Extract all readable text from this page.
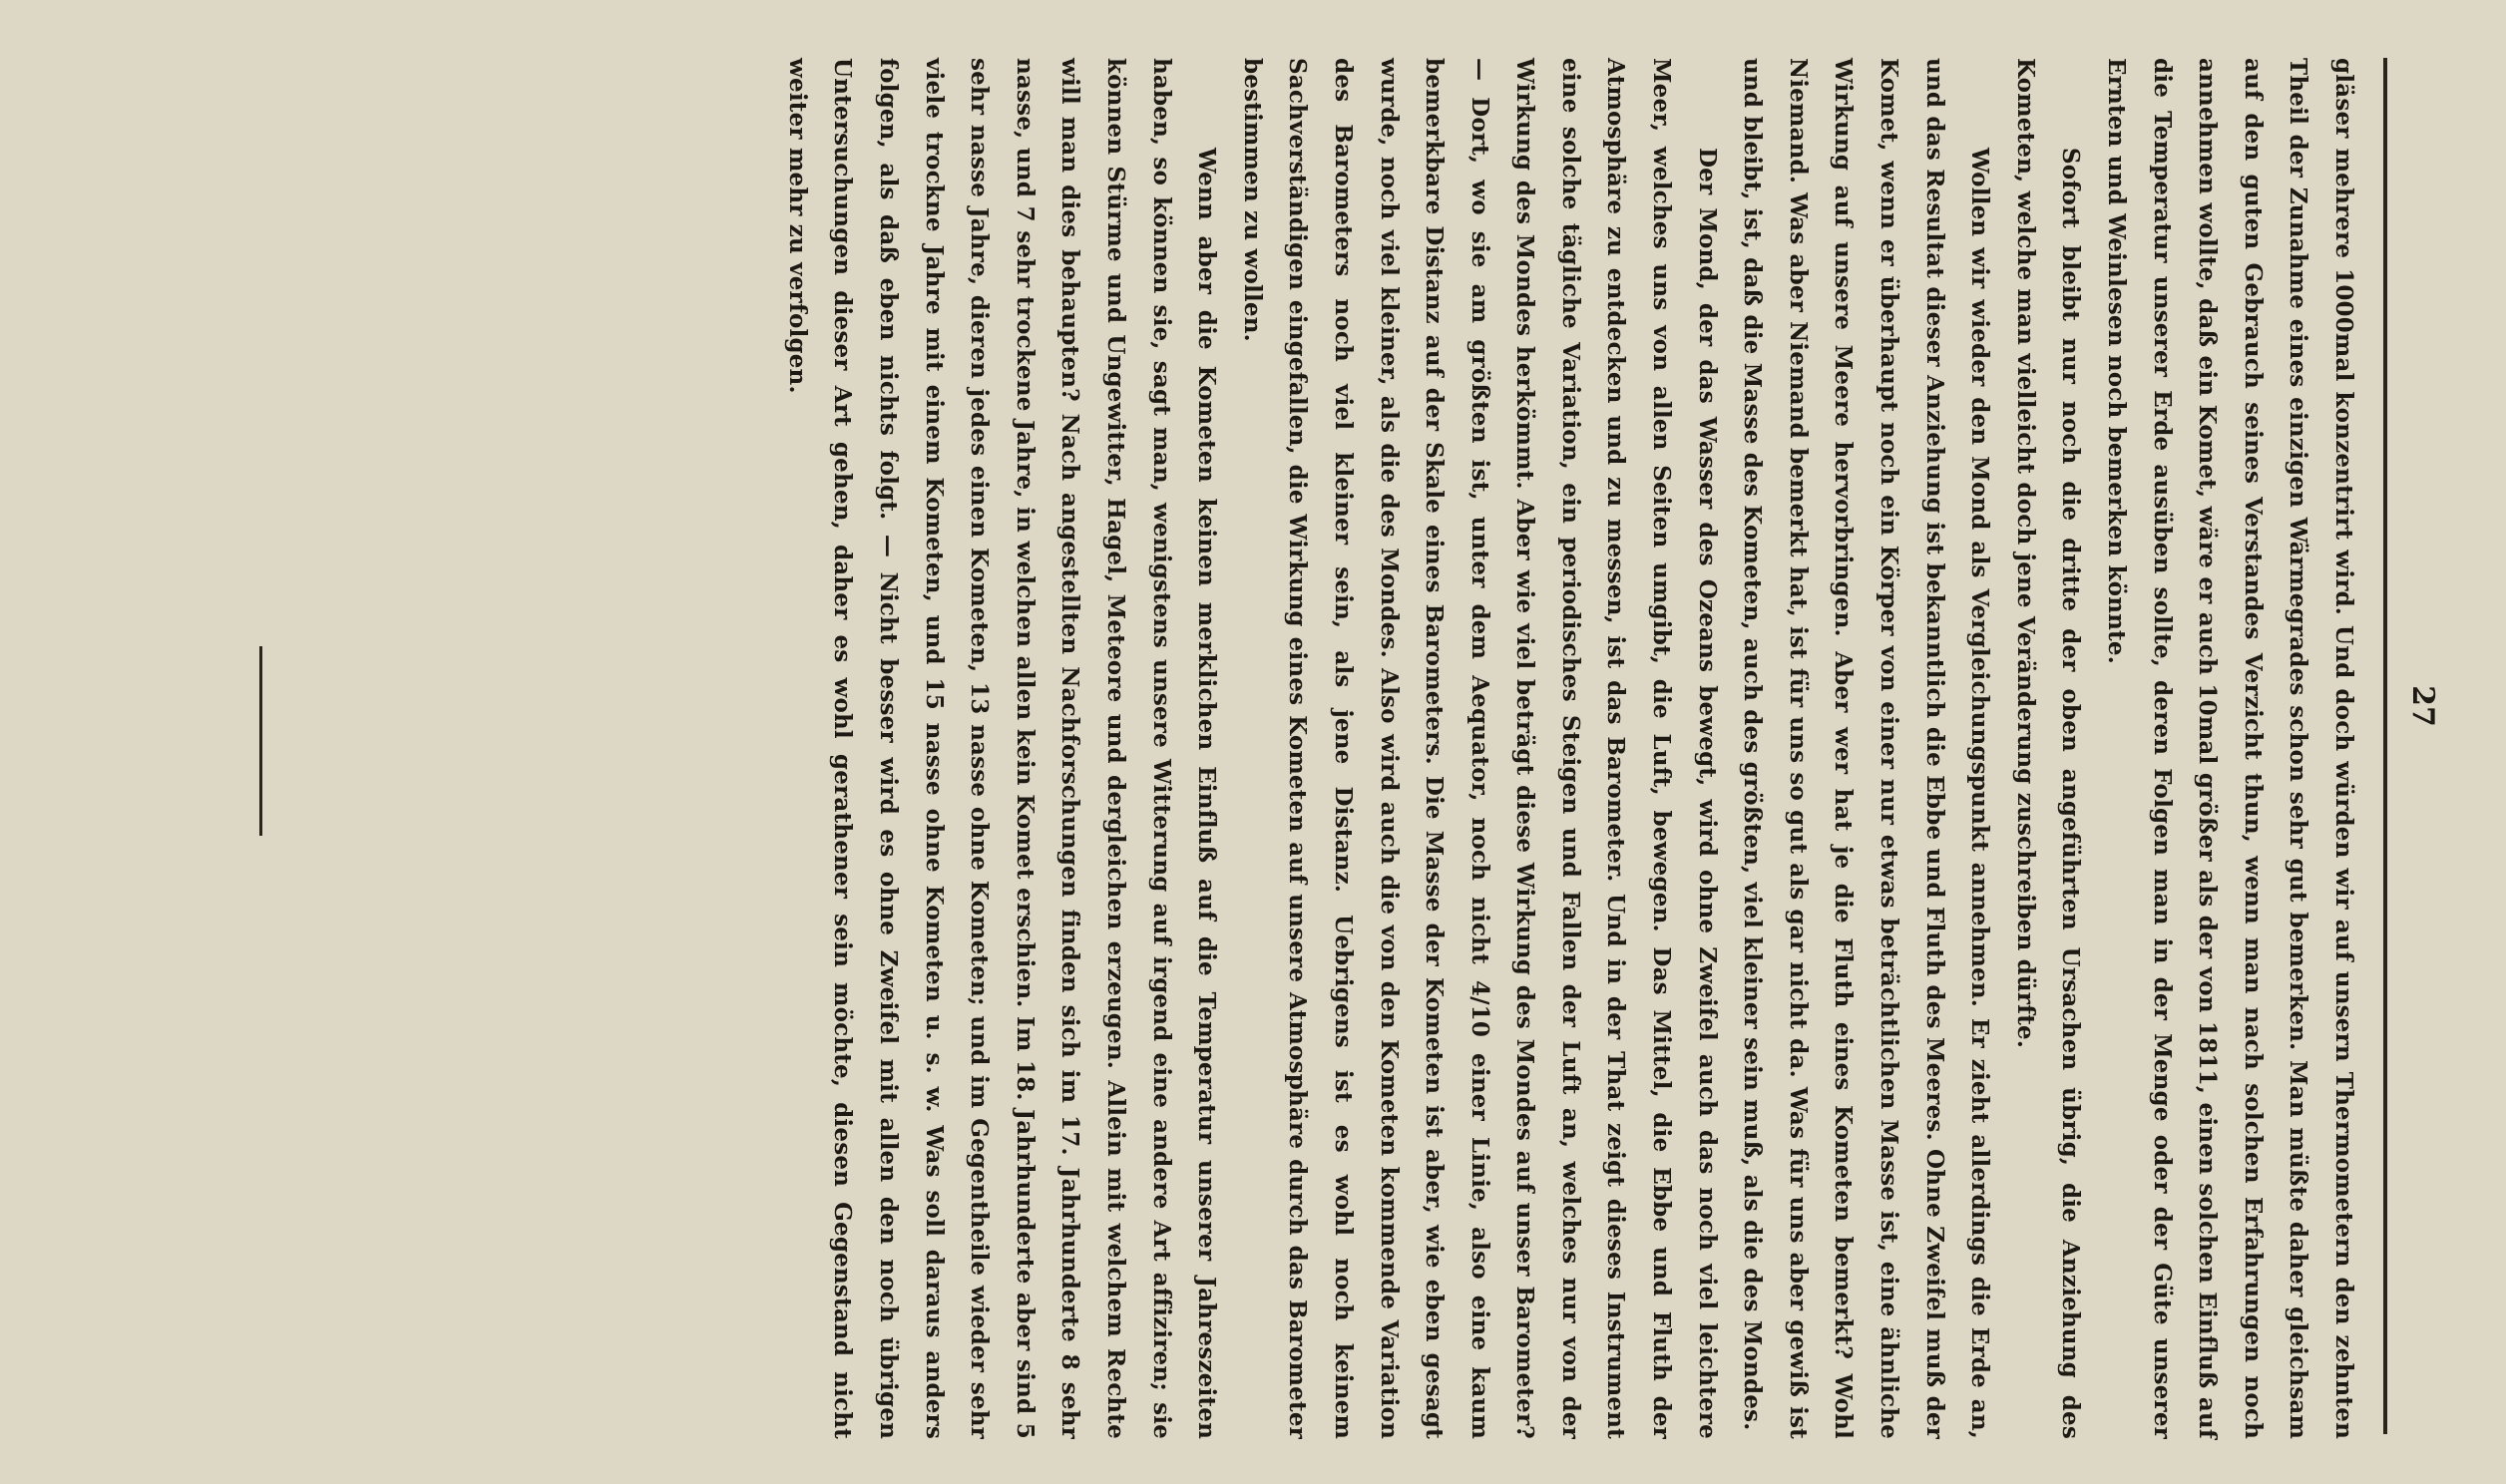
27

gläser mehrere 1000mal konzentrirt wird. Und doch würden wir auf unsern Thermometern den zehnten Theil der Zunahme eines einzigen Wärmegrades schon sehr gut bemerken. Man müßte daher gleichsam auf den guten Gebrauch seines Verstandes Verzicht thun, wenn man nach solchen Erfahrungen noch annehmen wollte, daß ein Komet, wäre er auch 10mal größer als der von 1811, einen solchen Einfluß auf die Temperatur unserer Erde ausüben sollte, deren Folgen man in der Menge oder der Güte unserer Ernten und Weinlesen noch bemerken könnte.

Sofort bleibt nur noch die dritte der oben angeführten Ursachen übrig, die Anziehung des Kometen, welche man vielleicht doch jene Veränderung zuschreiben dürfte.

Wollen wir wieder den Mond als Vergleichungspunkt annehmen. Er zieht allerdings die Erde an, und das Resultat dieser Anziehung ist bekanntlich die Ebbe und Fluth des Meeres. Ohne Zweifel muß der Komet, wenn er überhaupt noch ein Körper von einer nur etwas beträchtlichen Masse ist, eine ähnliche Wirkung auf unsere Meere hervorbringen. Aber wer hat je die Fluth eines Kometen bemerkt? Wohl Niemand. Was aber Niemand bemerkt hat, ist für uns so gut als gar nicht da. Was für uns aber gewiß ist und bleibt, ist, daß die Masse des Kometen, auch des größten, viel kleiner sein muß, als die des Mondes.

Der Mond, der das Wasser des Ozeans bewegt, wird ohne Zweifel auch das noch viel leichtere Meer, welches uns von allen Seiten umgibt, die Luft, bewegen. Das Mittel, die Ebbe und Fluth der Atmosphäre zu entdecken und zu messen, ist das Barometer. Und in der That zeigt dieses Instrument eine solche tägliche Variation, ein periodisches Steigen und Fallen der Luft an, welches nur von der Wirkung des Mondes herkömmt. Aber wie viel beträgt diese Wirkung des Mondes auf unser Barometer? — Dort, wo sie am größten ist, unter dem Aequator, noch nicht 4/10 einer Linie, also eine kaum bemerkbare Distanz auf der Skale eines Barometers. Die Masse der Kometen ist aber, wie eben gesagt wurde, noch viel kleiner, als die des Mondes. Also wird auch die von den Kometen kommende Variation des Barometers noch viel kleiner sein, als jene Distanz. Uebrigens ist es wohl noch keinem Sachverständigen eingefallen, die Wirkung eines Kometen auf unsere Atmosphäre durch das Barometer bestimmen zu wollen.

Wenn aber die Kometen keinen merklichen Einfluß auf die Temperatur unserer Jahreszeiten haben, so können sie, sagt man, wenigstens unsere Witterung auf irgend eine andere Art affiziren; sie können Stürme und Ungewitter, Hagel, Meteore und dergleichen erzeugen. Allein mit welchem Rechte will man dies behaupten? Nach angestellten Nachforschungen finden sich im 17. Jahrhunderte 8 sehr nasse, und 7 sehr trockene Jahre, in welchen allen kein Komet erschien. Im 18. Jahrhunderte aber sind 5 sehr nasse Jahre, dieren jedes einen Kometen, 13 nasse ohne Kometen; und im Gegentheile wieder sehr viele trockne Jahre mit einem Kometen, und 15 nasse ohne Kometen u. s. w. Was soll daraus anders folgen, als daß eben nichts folgt. — Nicht besser wird es ohne Zweifel mit allen den noch übrigen Untersuchungen dieser Art gehen, daher es wohl gerathener sein möchte, diesen Gegenstand nicht weiter mehr zu verfolgen.
